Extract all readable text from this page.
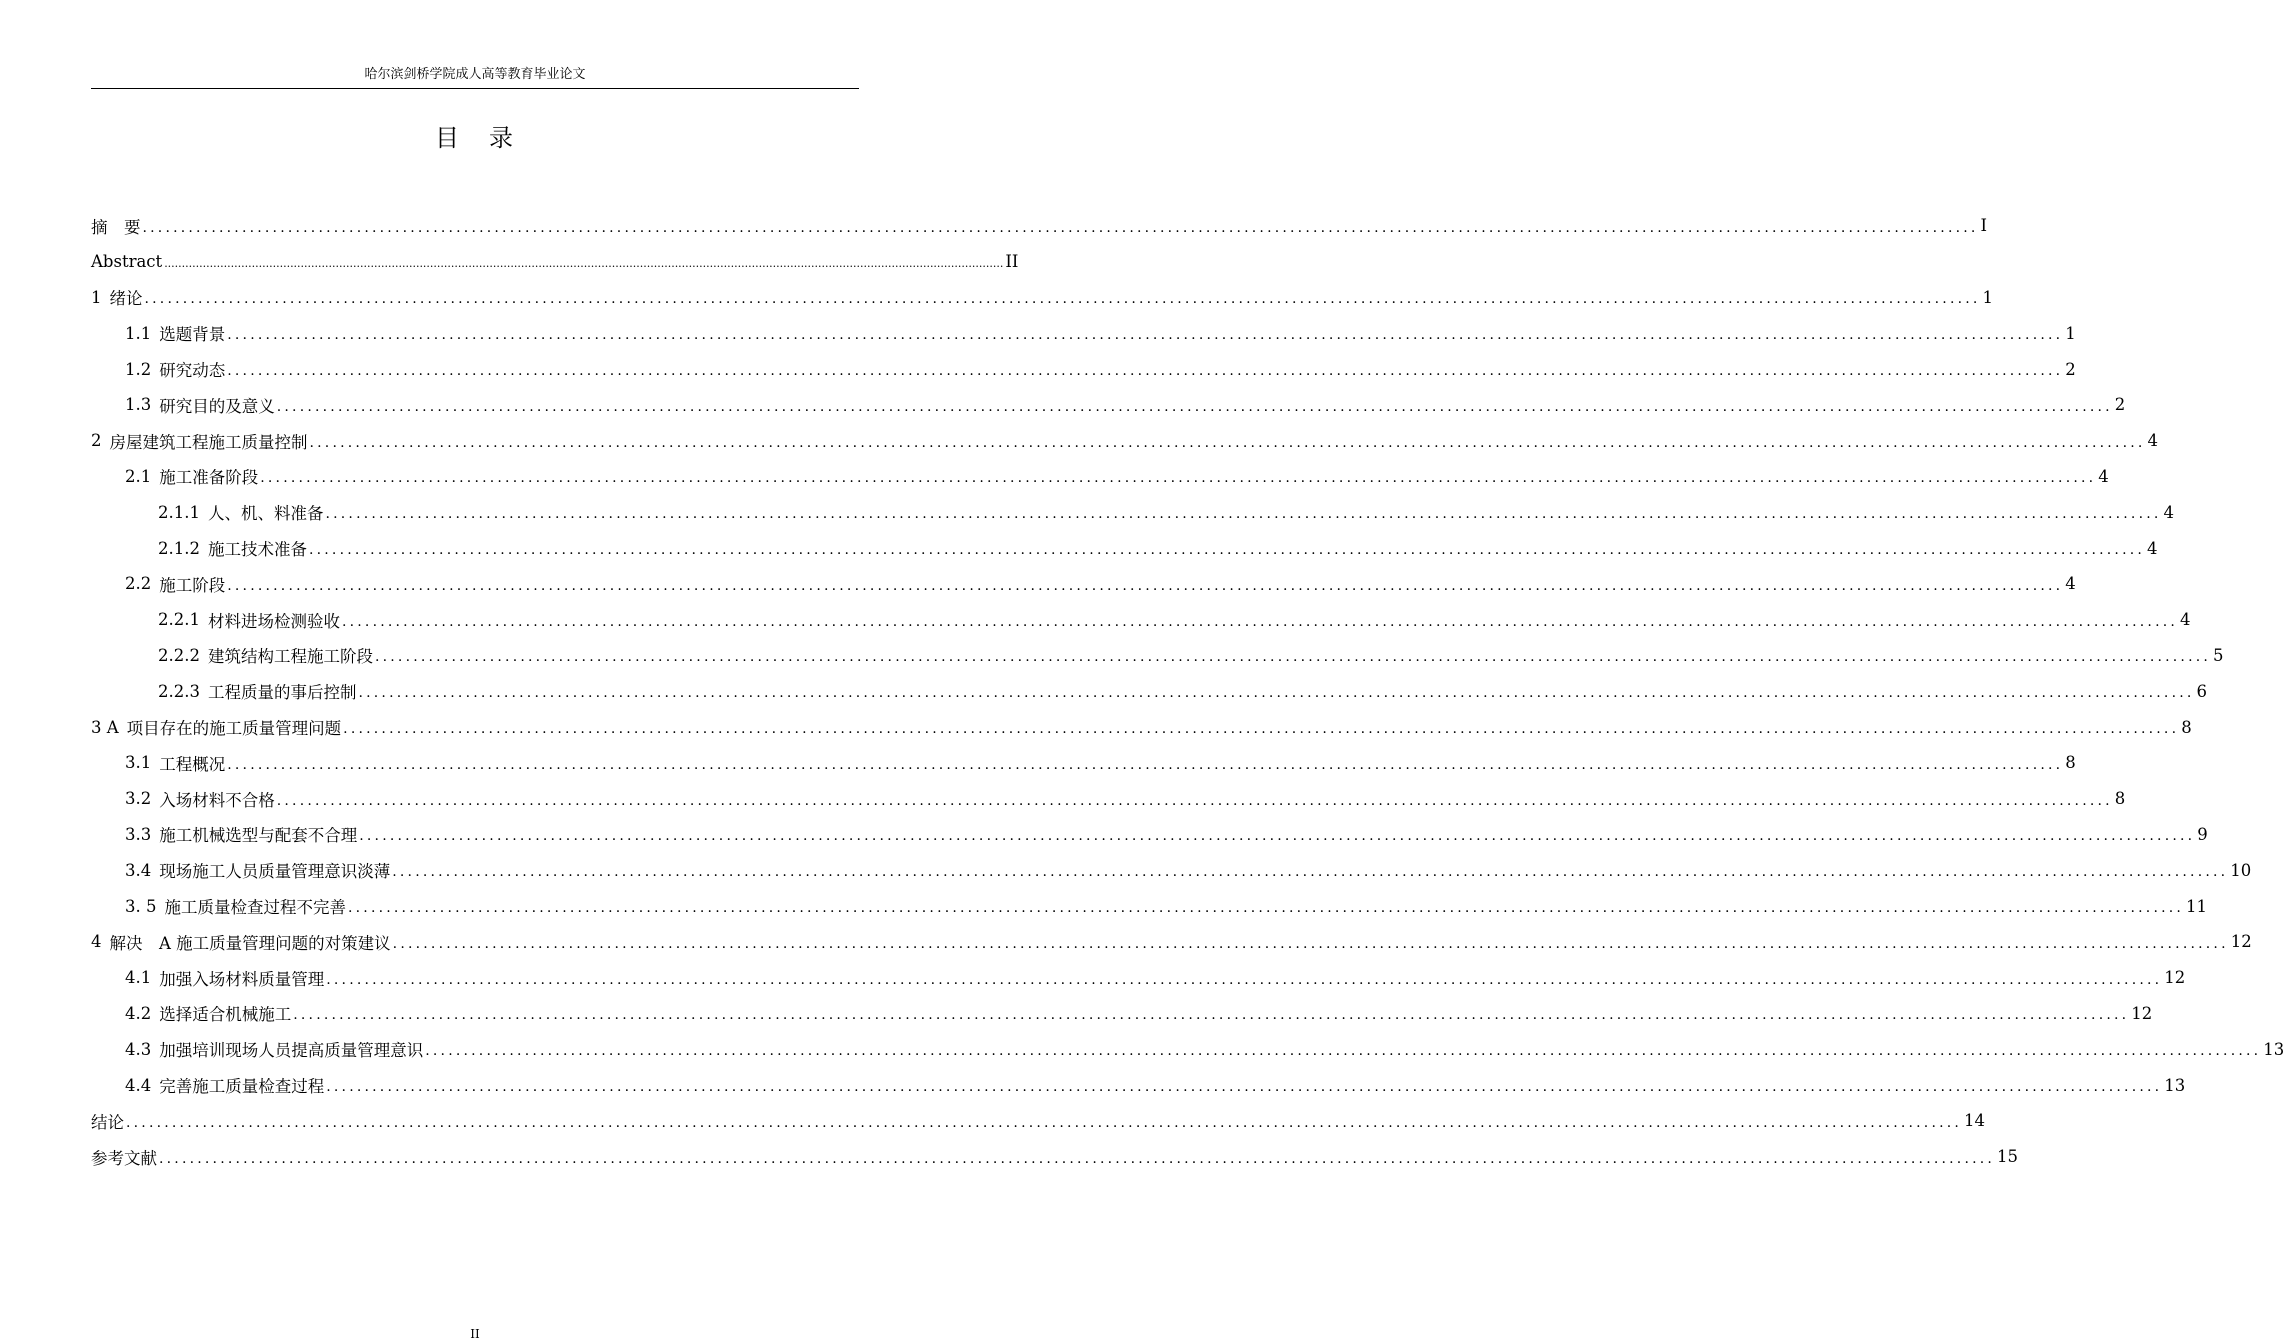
哈尔滨剑桥学院成人高等教育毕业论文
目 录
摘　要 ................................................................................................................................................................................................................................................ I
Abstract ................................................................................................................................................................................................................................................ II
1 绪论 ................................................................................................................................................................................................................................................ 1
1.1 选题背景 ................................................................................................................................................................................................................................................ 1
1.2 研究动态 ................................................................................................................................................................................................................................................ 2
1.3 研究目的及意义 ................................................................................................................................................................................................................................................ 2
2 房屋建筑工程施工质量控制 ................................................................................................................................................................................................................................................ 4
2.1 施工准备阶段 ................................................................................................................................................................................................................................................ 4
2.1.1 人、机、料准备 ................................................................................................................................................................................................................................................ 4
2.1.2 施工技术准备 ................................................................................................................................................................................................................................................ 4
2.2 施工阶段 ................................................................................................................................................................................................................................................ 4
2.2.1 材料进场检测验收 ................................................................................................................................................................................................................................................ 4
2.2.2 建筑结构工程施工阶段 ................................................................................................................................................................................................................................................ 5
2.2.3 工程质量的事后控制 ................................................................................................................................................................................................................................................ 6
3 A 项目存在的施工质量管理问题 ................................................................................................................................................................................................................................................ 8
3.1 工程概况 ................................................................................................................................................................................................................................................ 8
3.2 入场材料不合格 ................................................................................................................................................................................................................................................ 8
3.3 施工机械选型与配套不合理 ................................................................................................................................................................................................................................................ 9
3.4 现场施工人员质量管理意识淡薄 ................................................................................................................................................................................................................................................ 10
3. 5 施工质量检查过程不完善 ................................................................................................................................................................................................................................................ 11
4 解决　A 施工质量管理问题的对策建议 ................................................................................................................................................................................................................................................ 12
4.1 加强入场材料质量管理 ................................................................................................................................................................................................................................................ 12
4.2 选择适合机械施工 ................................................................................................................................................................................................................................................ 12
4.3 加强培训现场人员提高质量管理意识 ................................................................................................................................................................................................................................................ 13
4.4 完善施工质量检查过程 ................................................................................................................................................................................................................................................ 13
结论 ................................................................................................................................................................................................................................................ 14
参考文献 ................................................................................................................................................................................................................................................ 15
II
